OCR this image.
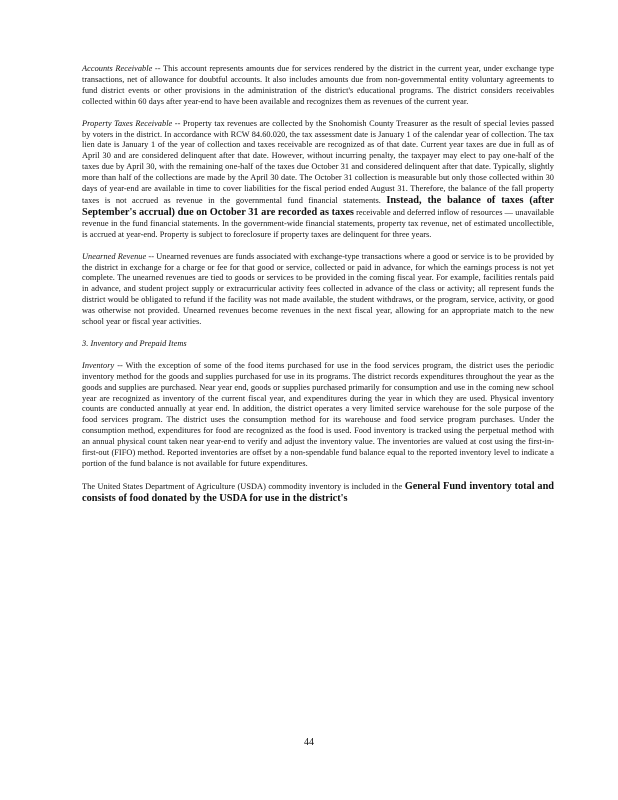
Accounts Receivable -- This account represents amounts due for services rendered by the district in the current year, under exchange type transactions, net of allowance for doubtful accounts. It also includes amounts due from non-governmental entity voluntary agreements to fund district events or other provisions in the administration of the district's educational programs. The district considers receivables collected within 60 days after year-end to have been available and recognizes them as revenues of the current year.

Property Taxes Receivable -- Property tax revenues are collected by the Snohomish County Treasurer as the result of special levies passed by voters in the district. In accordance with RCW 84.60.020, the tax assessment date is January 1 of the calendar year of collection. The tax lien date is January 1 of the year of collection and taxes receivable are recognized as of that date. Current year taxes are due in full as of April 30 and are considered delinquent after that date. However, without incurring penalty, the taxpayer may elect to pay one-half of the taxes due by April 30, with the remaining one-half of the taxes due October 31 and considered delinquent after that date. Typically, slightly more than half of the collections are made by the April 30 date. The October 31 collection is measurable but only those collected within 30 days of year-end are available in time to cover liabilities for the fiscal period ended August 31. Therefore, the balance of the fall property taxes is not accrued as revenue in the governmental fund financial statements. Instead, the balance of taxes (after September's accrual) due on October 31 are recorded as taxes receivable and deferred inflow of resources — unavailable revenue in the fund financial statements. In the government-wide financial statements, property tax revenue, net of estimated uncollectible, is accrued at year-end. Property is subject to foreclosure if property taxes are delinquent for three years.

Unearned Revenue -- Unearned revenues are funds associated with exchange-type transactions where a good or service is to be provided by the district in exchange for a charge or fee for that good or service, collected or paid in advance, for which the earnings process is not yet complete. The unearned revenues are tied to goods or services to be provided in the coming fiscal year. For example, facilities rentals paid in advance, and student project supply or extracurricular activity fees collected in advance of the class or activity; all represent funds the district would be obligated to refund if the facility was not made available, the student withdraws, or the program, service, activity, or good was otherwise not provided. Unearned revenues become revenues in the next fiscal year, allowing for an appropriate match to the new school year or fiscal year activities.

3. Inventory and Prepaid Items

Inventory -- With the exception of some of the food items purchased for use in the food services program, the district uses the periodic inventory method for the goods and supplies purchased for use in its programs. The district records expenditures throughout the year as the goods and supplies are purchased. Near year end, goods or supplies purchased primarily for consumption and use in the coming new school year are recognized as inventory of the current fiscal year, and expenditures during the year in which they are used. Physical inventory counts are conducted annually at year end. In addition, the district operates a very limited service warehouse for the sole purpose of the food services program. The district uses the consumption method for its warehouse and food service program purchases. Under the consumption method, expenditures for food are recognized as the food is used. Food inventory is tracked using the perpetual method with an annual physical count taken near year-end to verify and adjust the inventory value. The inventories are valued at cost using the first-in-first-out (FIFO) method. Reported inventories are offset by a non-spendable fund balance equal to the reported inventory level to indicate a portion of the fund balance is not available for future expenditures.

The United States Department of Agriculture (USDA) commodity inventory is included in the General Fund inventory total and consists of food donated by the USDA for use in the district's

44
